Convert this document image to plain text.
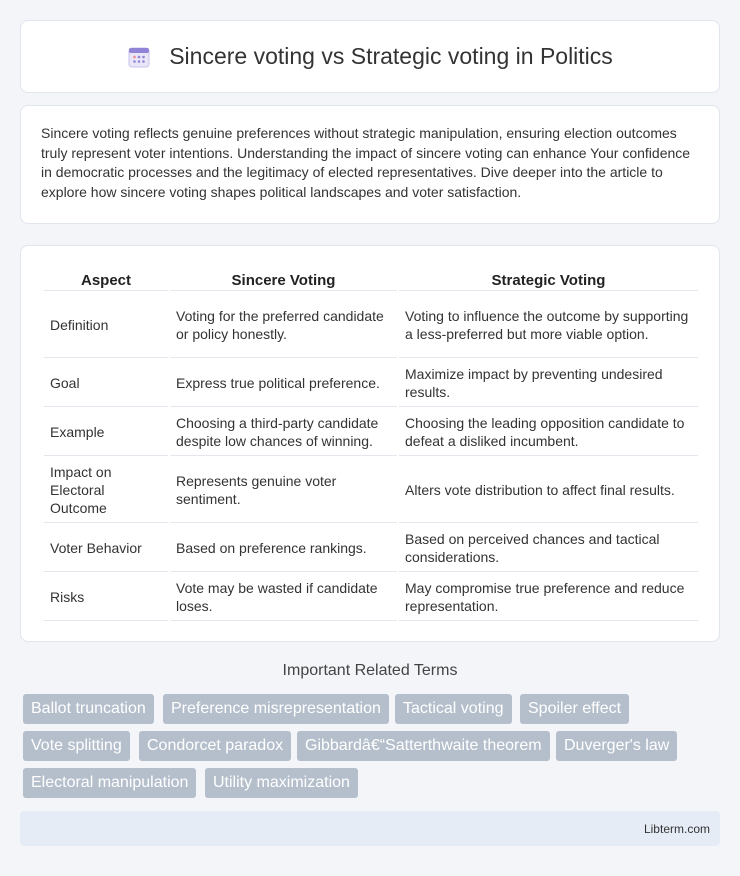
Sincere voting vs Strategic voting in Politics

Sincere voting reflects genuine preferences without strategic manipulation, ensuring election outcomes truly represent voter intentions. Understanding the impact of sincere voting can enhance Your confidence in democratic processes and the legitimacy of elected representatives. Dive deeper into the article to explore how sincere voting shapes political landscapes and voter satisfaction.

Aspect	Sincere Voting	Strategic Voting
Definition	Voting for the preferred candidate or policy honestly.	Voting to influence the outcome by supporting a less-preferred but more viable option.
Goal	Express true political preference.	Maximize impact by preventing undesired results.
Example	Choosing a third-party candidate despite low chances of winning.	Choosing the leading opposition candidate to defeat a disliked incumbent.
Impact on Electoral Outcome	Represents genuine voter sentiment.	Alters vote distribution to affect final results.
Voter Behavior	Based on preference rankings.	Based on perceived chances and tactical considerations.
Risks	Vote may be wasted if candidate loses.	May compromise true preference and reduce representation.
Important Related Terms
Ballot truncation	Preference misrepresentation	Tactical voting	Spoiler effect
Vote splitting	Condorcet paradox	Gibbardâ€“Satterthwaite theorem	Duverger's law
Electoral manipulation	Utility maximization
Libterm.com
